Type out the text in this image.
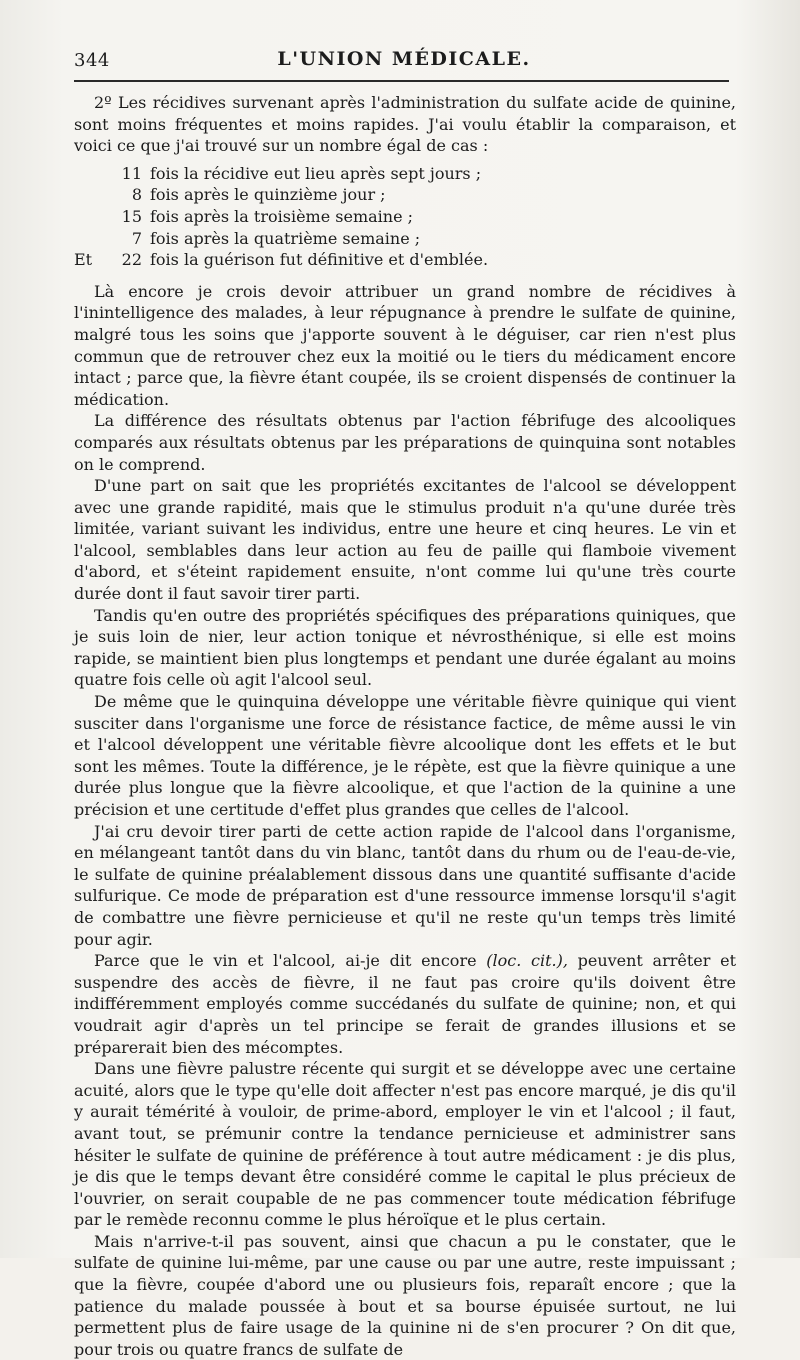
344	L'UNION MÉDICALE.

2º Les récidives survenant après l'administration du sulfate acide de quinine, sont moins fréquentes et moins rapides. J'ai voulu établir la comparaison, et voici ce que j'ai trouvé sur un nombre égal de cas :

11 fois la récidive eut lieu après sept jours ;
8 fois après le quinzième jour ;
15 fois après la troisième semaine ;
7 fois après la quatrième semaine ;
Et	22 fois la guérison fut définitive et d'emblée.

Là encore je crois devoir attribuer un grand nombre de récidives à l'inintelligence des malades, à leur répugnance à prendre le sulfate de quinine, malgré tous les soins que j'apporte souvent à le déguiser, car rien n'est plus commun que de retrouver chez eux la moitié ou le tiers du médicament encore intact ; parce que, la fièvre étant coupée, ils se croient dispensés de continuer la médication.

La différence des résultats obtenus par l'action fébrifuge des alcooliques comparés aux résultats obtenus par les préparations de quinquina sont notables on le comprend.

D'une part on sait que les propriétés excitantes de l'alcool se développent avec une grande rapidité, mais que le stimulus produit n'a qu'une durée très limitée, variant suivant les individus, entre une heure et cinq heures. Le vin et l'alcool, semblables dans leur action au feu de paille qui flamboie vivement d'abord, et s'éteint rapidement ensuite, n'ont comme lui qu'une très courte durée dont il faut savoir tirer parti.

Tandis qu'en outre des propriétés spécifiques des préparations quiniques, que je suis loin de nier, leur action tonique et névrosthénique, si elle est moins rapide, se maintient bien plus longtemps et pendant une durée égalant au moins quatre fois celle où agit l'alcool seul.

De même que le quinquina développe une véritable fièvre quinique qui vient susciter dans l'organisme une force de résistance factice, de même aussi le vin et l'alcool développent une véritable fièvre alcoolique dont les effets et le but sont les mêmes. Toute la différence, je le répète, est que la fièvre quinique a une durée plus longue que la fièvre alcoolique, et que l'action de la quinine a une précision et une certitude d'effet plus grandes que celles de l'alcool.

J'ai cru devoir tirer parti de cette action rapide de l'alcool dans l'organisme, en mélangeant tantôt dans du vin blanc, tantôt dans du rhum ou de l'eau-de-vie, le sulfate de quinine préalablement dissous dans une quantité suffisante d'acide sulfurique. Ce mode de préparation est d'une ressource immense lorsqu'il s'agit de combattre une fièvre pernicieuse et qu'il ne reste qu'un temps très limité pour agir.

Parce que le vin et l'alcool, ai-je dit encore (loc. cit.), peuvent arrêter et suspendre des accès de fièvre, il ne faut pas croire qu'ils doivent être indifféremment employés comme succédanés du sulfate de quinine; non, et qui voudrait agir d'après un tel principe se ferait de grandes illusions et se préparerait bien des mécomptes.

Dans une fièvre palustre récente qui surgit et se développe avec une certaine acuité, alors que le type qu'elle doit affecter n'est pas encore marqué, je dis qu'il y aurait témérité à vouloir, de prime-abord, employer le vin et l'alcool ; il faut, avant tout, se prémunir contre la tendance pernicieuse et administrer sans hésiter le sulfate de quinine de préférence à tout autre médicament : je dis plus, je dis que le temps devant être considéré comme le capital le plus précieux de l'ouvrier, on serait coupable de ne pas commencer toute médication fébrifuge par le remède reconnu comme le plus héroïque et le plus certain.

Mais n'arrive-t-il pas souvent, ainsi que chacun a pu le constater, que le sulfate de quinine lui-même, par une cause ou par une autre, reste impuissant ; que la fièvre, coupée d'abord une ou plusieurs fois, reparaît encore ; que la patience du malade poussée à bout et sa bourse épuisée surtout, ne lui permettent plus de faire usage de la quinine ni de s'en procurer ? On dit que, pour trois ou quatre francs de sulfate de
